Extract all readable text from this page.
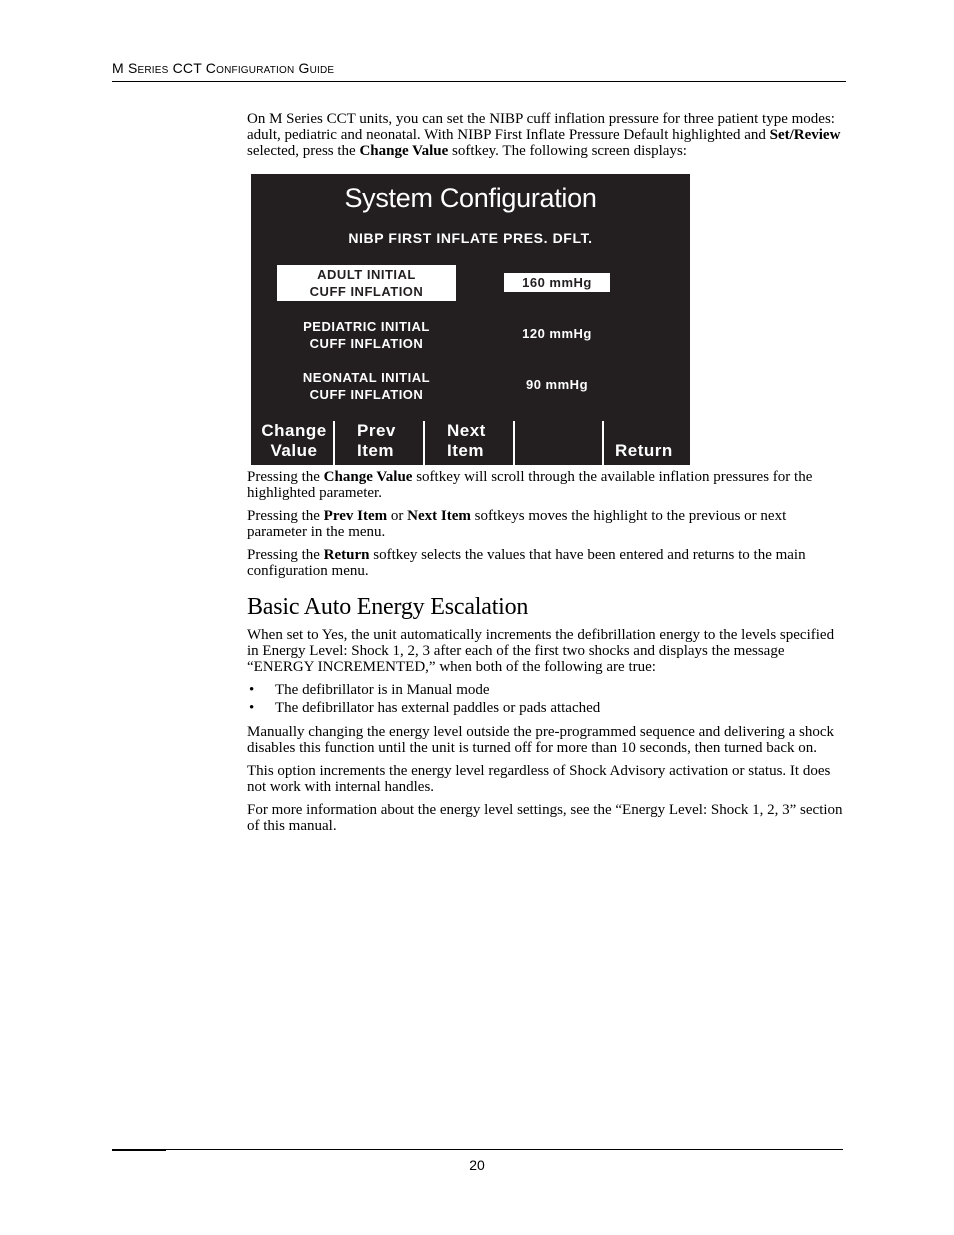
M Series CCT Configuration Guide

On M Series CCT units, you can set the NIBP cuff inflation pressure for three patient type modes: adult, pediatric and neonatal. With NIBP First Inflate Pressure Default highlighted and Set/Review selected, press the Change Value softkey. The following screen displays:

System Configuration
NIBP FIRST INFLATE PRES. DFLT.
ADULT INITIAL
CUFF INFLATION
160 mmHg
PEDIATRIC INITIAL
CUFF INFLATION
120 mmHg
NEONATAL INITIAL
CUFF INFLATION
90 mmHg
Change
Value
Prev
Item
Next
Item	Return

Pressing the Change Value softkey will scroll through the available inflation pressures for the highlighted parameter.

Pressing the Prev Item or Next Item softkeys moves the highlight to the previous or next parameter in the menu.

Pressing the Return softkey selects the values that have been entered and returns to the main configuration menu.

Basic Auto Energy Escalation

When set to Yes, the unit automatically increments the defibrillation energy to the levels specified in Energy Level: Shock 1, 2, 3 after each of the first two shocks and displays the message “ENERGY INCREMENTED,” when both of the following are true:

• The defibrillator is in Manual mode
• The defibrillator has external paddles or pads attached

Manually changing the energy level outside the pre-programmed sequence and delivering a shock disables this function until the unit is turned off for more than 10 seconds, then turned back on.

This option increments the energy level regardless of Shock Advisory activation or status. It does not work with internal handles.

For more information about the energy level settings, see the “Energy Level: Shock 1, 2, 3” section of this manual.

20
